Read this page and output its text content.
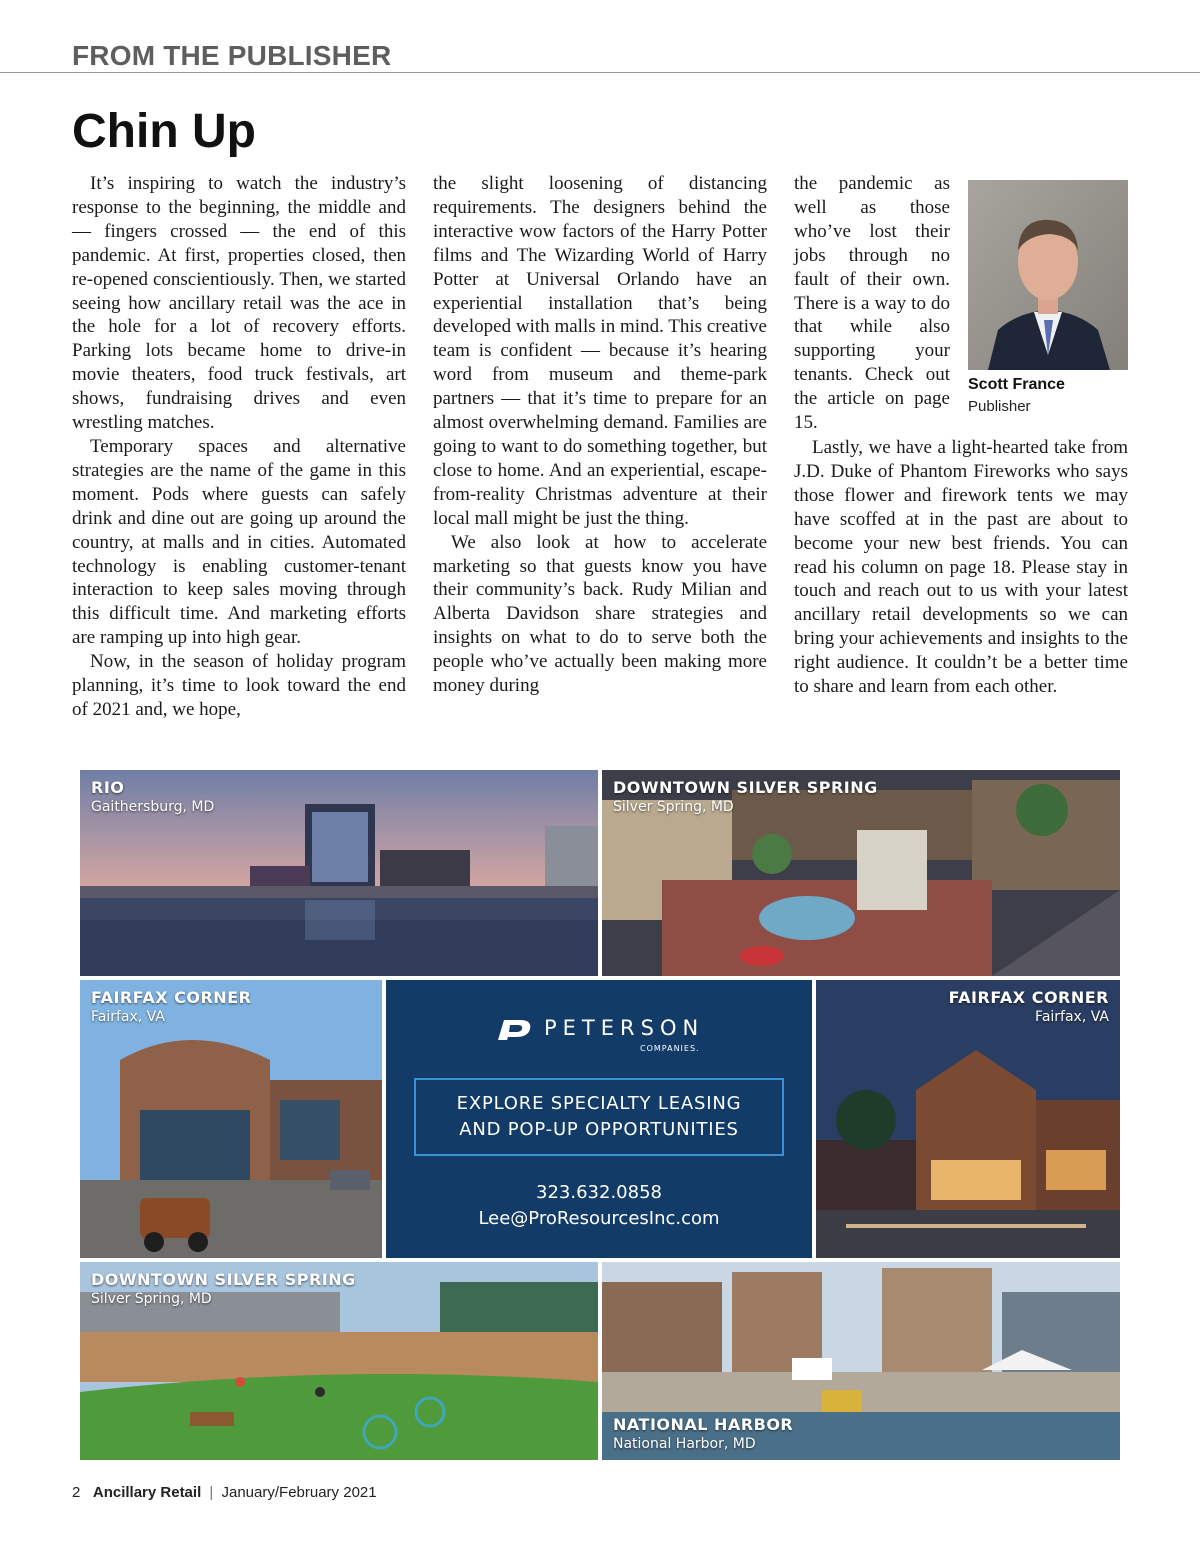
FROM THE PUBLISHER
Chin Up

It’s inspiring to watch the industry’s response to the beginning, the middle and — fingers crossed — the end of this pandemic. At first, properties closed, then re-opened conscientiously. Then, we started seeing how ancillary retail was the ace in the hole for a lot of recovery efforts. Parking lots became home to drive-in movie theaters, food truck festivals, art shows, fundraising drives and even wrestling matches.

Temporary spaces and alternative strategies are the name of the game in this moment. Pods where guests can safely drink and dine out are going up around the country, at malls and in cities. Automated technology is enabling customer-tenant interaction to keep sales moving through this difficult time. And marketing efforts are ramping up into high gear.

Now, in the season of holiday program planning, it’s time to look toward the end of 2021 and, we hope,

the slight loosening of distancing requirements. The designers behind the interactive wow factors of the Harry Potter films and The Wizarding World of Harry Potter at Universal Orlando have an experiential installation that’s being developed with malls in mind. This creative team is confident — because it’s hearing word from museum and theme-park partners — that it’s time to prepare for an almost overwhelming demand. Families are going to want to do something together, but close to home. And an experiential, escape-from-reality Christmas adventure at their local mall might be just the thing.

We also look at how to accelerate marketing so that guests know you have their community’s back. Rudy Milian and Alberta Davidson share strategies and insights on what to do to serve both the people who’ve actually been making more money during

the pandemic as well as those who’ve lost their jobs through no fault of their own. There is a way to do that while also supporting your tenants. Check out the article on page 15.

Scott France
Publisher

Lastly, we have a light-hearted take from J.D. Duke of Phantom Fireworks who says those flower and firework tents we may have scoffed at in the past are about to become your new best friends. You can read his column on page 18. Please stay in touch and reach out to us with your latest ancillary retail developments so we can bring your achievements and insights to the right audience. It couldn’t be a better time to share and learn from each other.

RIO
Gaithersburg, MD
DOWNTOWN SILVER SPRING
Silver Spring, MD
FAIRFAX CORNER
Fairfax, VA	PETERSON
COMPANIES.
EXPLORE SPECIALTY LEASING
AND POP-UP OPPORTUNITIES
323.632.0858
Lee@ProResourcesInc.com
FAIRFAX CORNER
Fairfax, VA
DOWNTOWN SILVER SPRING
Silver Spring, MD
NATIONAL HARBOR
National Harbor, MD
2 Ancillary Retail | January/February 2021
